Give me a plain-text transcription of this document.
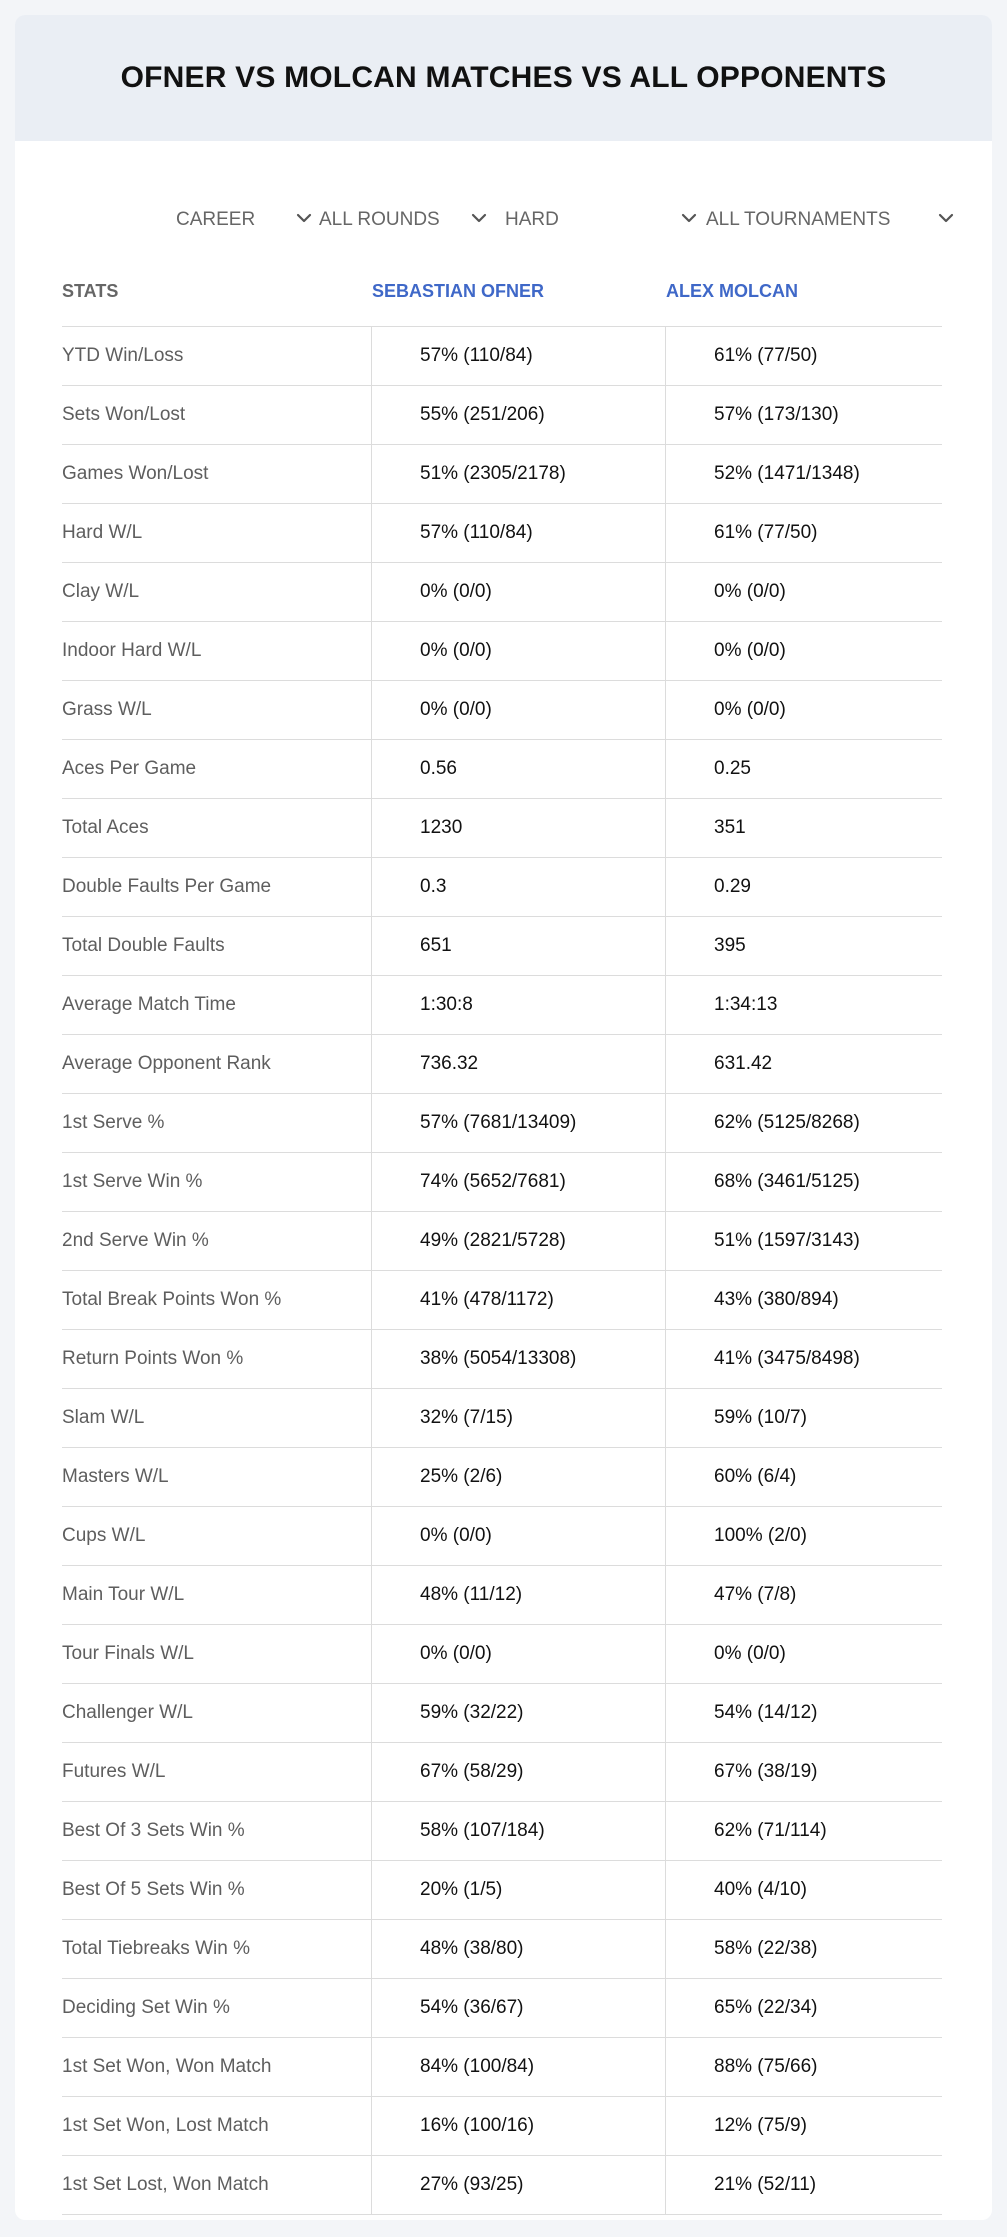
OFNER VS MOLCAN MATCHES VS ALL OPPONENTS
CAREER	ALL ROUNDS	HARD	ALL TOURNAMENTS
STATS	SEBASTIAN OFNER	ALEX MOLCAN
YTD Win/Loss	57% (110/84)	61% (77/50)
Sets Won/Lost	55% (251/206)	57% (173/130)
Games Won/Lost	51% (2305/2178)	52% (1471/1348)
Hard W/L	57% (110/84)	61% (77/50)
Clay W/L	0% (0/0)	0% (0/0)
Indoor Hard W/L	0% (0/0)	0% (0/0)
Grass W/L	0% (0/0)	0% (0/0)
Aces Per Game	0.56	0.25
Total Aces	1230	351
Double Faults Per Game	0.3	0.29
Total Double Faults	651	395
Average Match Time	1:30:8	1:34:13
Average Opponent Rank	736.32	631.42
1st Serve %	57% (7681/13409)	62% (5125/8268)
1st Serve Win %	74% (5652/7681)	68% (3461/5125)
2nd Serve Win %	49% (2821/5728)	51% (1597/3143)
Total Break Points Won %	41% (478/1172)	43% (380/894)
Return Points Won %	38% (5054/13308)	41% (3475/8498)
Slam W/L	32% (7/15)	59% (10/7)
Masters W/L	25% (2/6)	60% (6/4)
Cups W/L	0% (0/0)	100% (2/0)
Main Tour W/L	48% (11/12)	47% (7/8)
Tour Finals W/L	0% (0/0)	0% (0/0)
Challenger W/L	59% (32/22)	54% (14/12)
Futures W/L	67% (58/29)	67% (38/19)
Best Of 3 Sets Win %	58% (107/184)	62% (71/114)
Best Of 5 Sets Win %	20% (1/5)	40% (4/10)
Total Tiebreaks Win %	48% (38/80)	58% (22/38)
Deciding Set Win %	54% (36/67)	65% (22/34)
1st Set Won, Won Match	84% (100/84)	88% (75/66)
1st Set Won, Lost Match	16% (100/16)	12% (75/9)
1st Set Lost, Won Match	27% (93/25)	21% (52/11)
